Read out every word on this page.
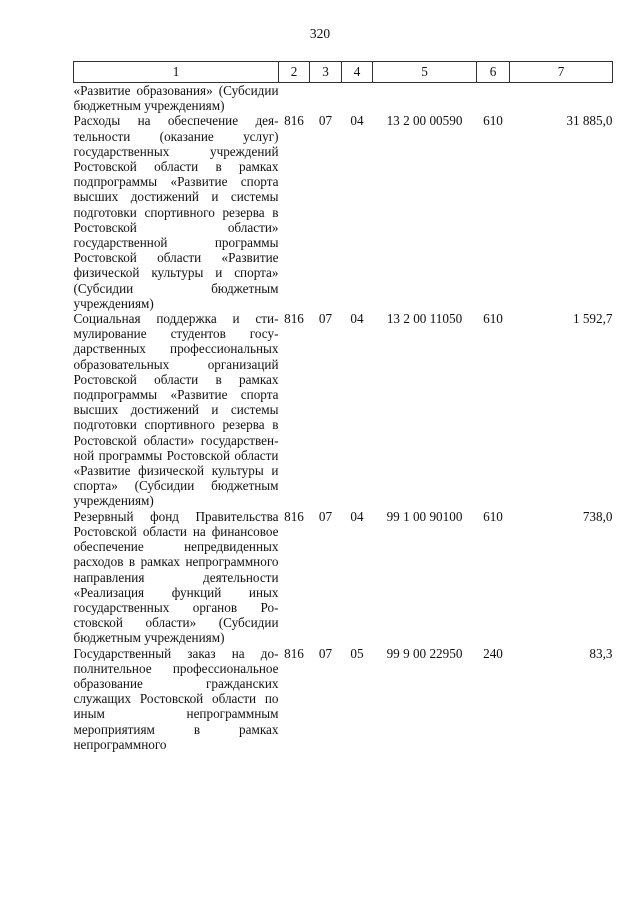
320
1	2	3	4	5	6	7
«Развитие образования» (Субсидии бюджетным учреждениям)						
Расходы на обеспечение деятельности (оказание услуг) государственных учреждений Ростовской области в рамках подпрограммы «Развитие спорта высших достижений и системы подготовки спортивного резерва в Ростовской области» государственной программы Ростовской области «Развитие физической культуры и спорта» (Субсидии бюджетным учреждениям)	816	07	04	13 2 00 00590	610	31 885,0
Социальная поддержка и стимулирование студентов государственных профессиональных образовательных организаций Ростовской области в рамках подпрограммы «Развитие спорта высших достижений и системы подготовки спортивного резерва в Ростовской области» государственной программы Ростовской области «Развитие физической культуры и спорта» (Субсидии бюджетным учреждениям)	816	07	04	13 2 00 11050	610	1 592,7
Резервный фонд Правительства Ростовской области на финансовое обеспечение непредвиденных расходов в рамках непрограммного направления деятельности «Реализация функций иных государственных органов Ростовской области» (Субсидии бюджетным учреждениям)	816	07	04	99 1 00 90100	610	738,0
Государственный заказ на дополнительное профессиональное образование гражданских служащих Ростовской области по иным непрограммным мероприятиям в рамках непрограммного	816	07	05	99 9 00 22950	240	83,3
